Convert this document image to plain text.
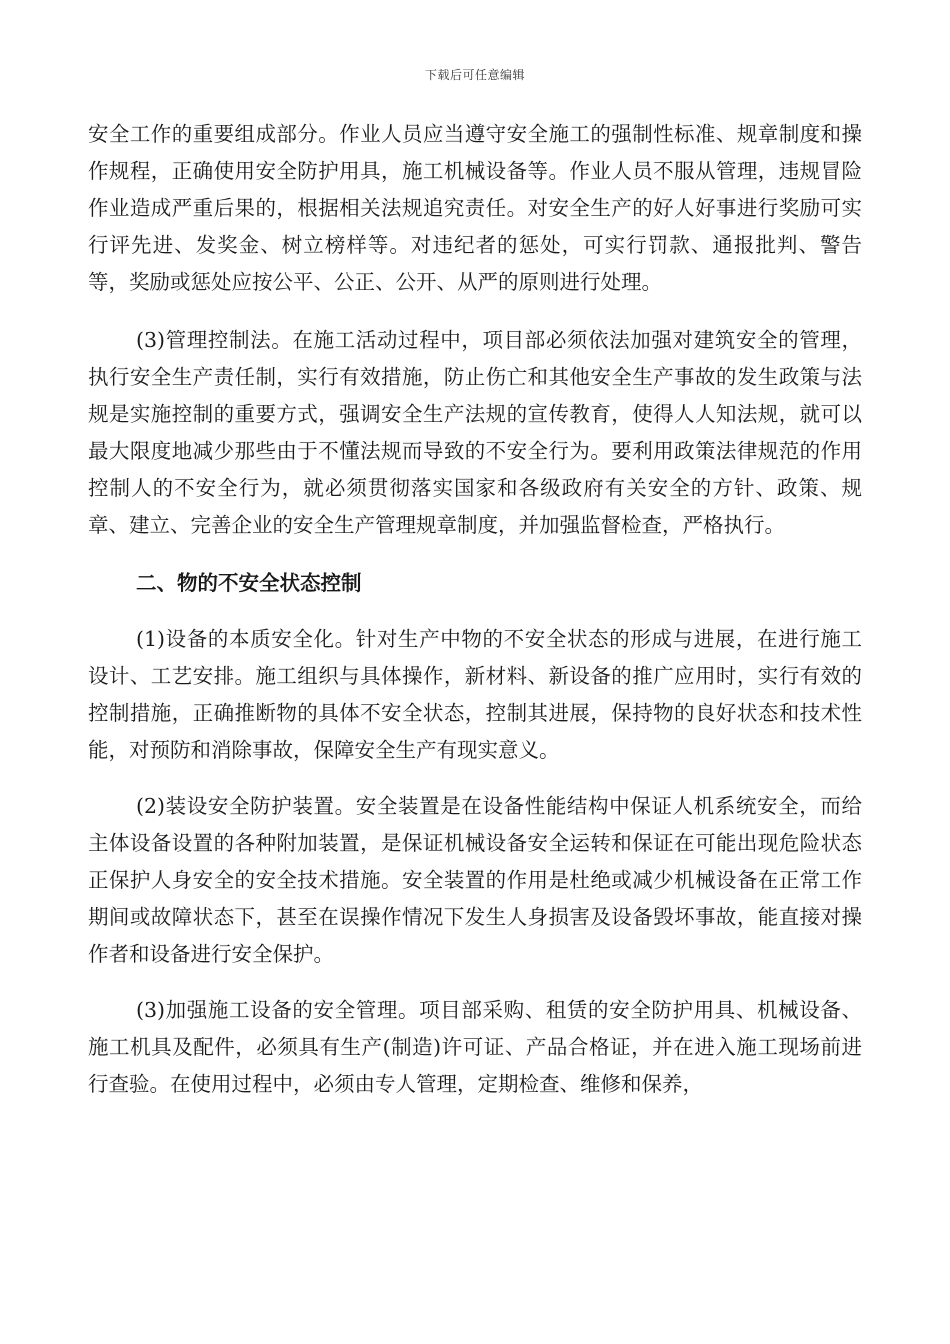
下载后可任意编辑

安全工作的重要组成部分。作业人员应当遵守安全施工的强制性标准、规章制度和操作规程，正确使用安全防护用具，施工机械设备等。作业人员不服从管理，违规冒险作业造成严重后果的，根据相关法规追究责任。对安全生产的好人好事进行奖励可实行评先进、发奖金、树立榜样等。对违纪者的惩处，可实行罚款、通报批判、警告等，奖励或惩处应按公平、公正、公开、从严的原则进行处理。

(3)管理控制法。在施工活动过程中，项目部必须依法加强对建筑安全的管理，执行安全生产责任制，实行有效措施，防止伤亡和其他安全生产事故的发生政策与法规是实施控制的重要方式，强调安全生产法规的宣传教育，使得人人知法规，就可以最大限度地减少那些由于不懂法规而导致的不安全行为。要利用政策法律规范的作用控制人的不安全行为，就必须贯彻落实国家和各级政府有关安全的方针、政策、规章、建立、完善企业的安全生产管理规章制度，并加强监督检查，严格执行。

二、物的不安全状态控制

(1)设备的本质安全化。针对生产中物的不安全状态的形成与进展，在进行施工设计、工艺安排。施工组织与具体操作，新材料、新设备的推广应用时，实行有效的控制措施，正确推断物的具体不安全状态，控制其进展，保持物的良好状态和技术性能，对预防和消除事故，保障安全生产有现实意义。

(2)装设安全防护装置。安全装置是在设备性能结构中保证人机系统安全，而给主体设备设置的各种附加装置，是保证机械设备安全运转和保证在可能出现危险状态正保护人身安全的安全技术措施。安全装置的作用是杜绝或减少机械设备在正常工作期间或故障状态下，甚至在误操作情况下发生人身损害及设备毁坏事故，能直接对操作者和设备进行安全保护。

(3)加强施工设备的安全管理。项目部采购、租赁的安全防护用具、机械设备、施工机具及配件，必须具有生产(制造)许可证、产品合格证，并在进入施工现场前进行查验。在使用过程中，必须由专人管理，定期检查、维修和保养，
